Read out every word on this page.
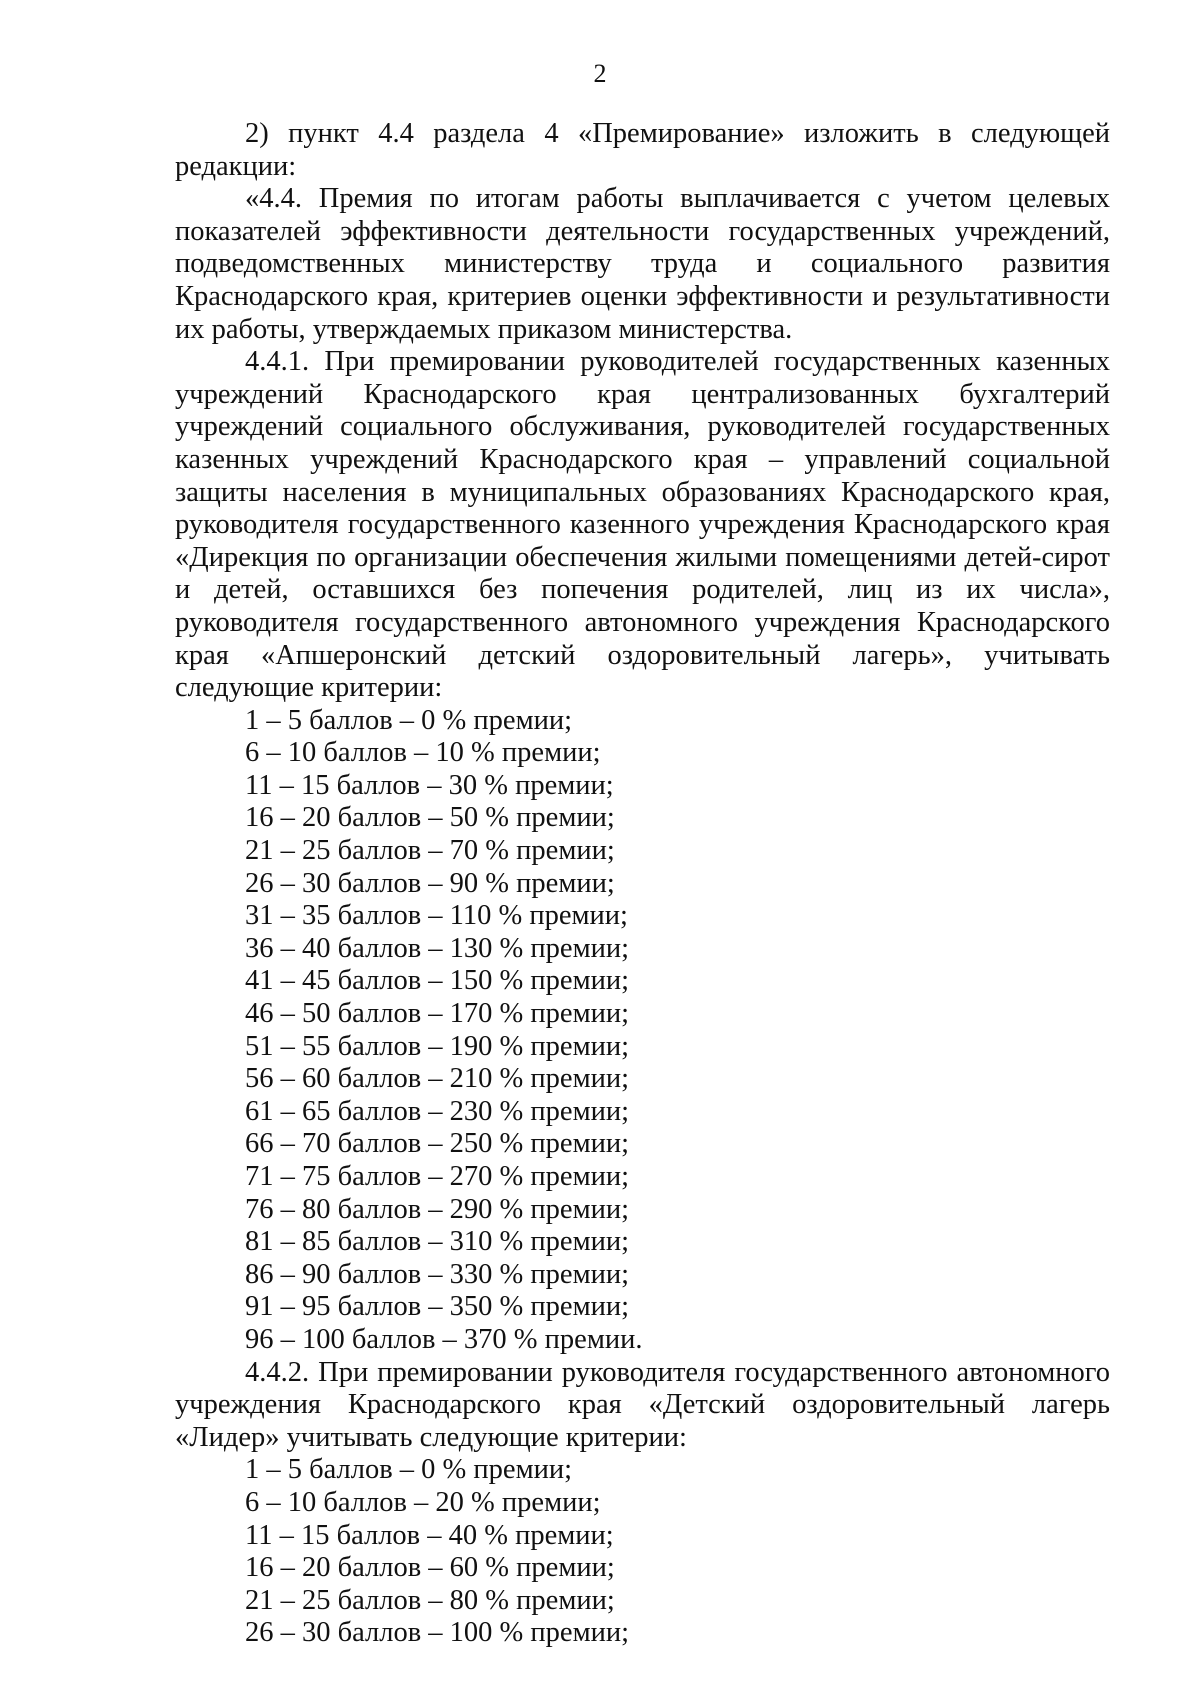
2

2) пункт 4.4 раздела 4 «Премирование» изложить в следующей редакции:

«4.4. Премия по итогам работы выплачивается с учетом целевых показателей эффективности деятельности государственных учреждений, подведомственных министерству труда и социального развития Краснодарского края, критериев оценки эффективности и результативности их работы, утверждаемых приказом министерства.

4.4.1. При премировании руководителей государственных казенных учреждений Краснодарского края централизованных бухгалтерий учреждений социального обслуживания, руководителей государственных казенных учреждений Краснодарского края – управлений социальной защиты населения в муниципальных образованиях Краснодарского края, руководителя государственного казенного учреждения Краснодарского края «Дирекция по организации обеспечения жилыми помещениями детей-сирот и детей, оставшихся без попечения родителей, лиц из их числа», руководителя государственного автономного учреждения Краснодарского края «Апшеронский детский оздоровительный лагерь», учитывать следующие критерии:

1 – 5 баллов – 0 % премии;
6 – 10 баллов – 10 % премии;
11 – 15 баллов – 30 % премии;
16 – 20 баллов – 50 % премии;
21 – 25 баллов – 70 % премии;
26 – 30 баллов – 90 % премии;
31 – 35 баллов – 110 % премии;
36 – 40 баллов – 130 % премии;
41 – 45 баллов – 150 % премии;
46 – 50 баллов – 170 % премии;
51 – 55 баллов – 190 % премии;
56 – 60 баллов – 210 % премии;
61 – 65 баллов – 230 % премии;
66 – 70 баллов – 250 % премии;
71 – 75 баллов – 270 % премии;
76 – 80 баллов – 290 % премии;
81 – 85 баллов – 310 % премии;
86 – 90 баллов – 330 % премии;
91 – 95 баллов – 350 % премии;
96 – 100 баллов – 370 % премии.

4.4.2. При премировании руководителя государственного автономного учреждения Краснодарского края «Детский оздоровительный лагерь «Лидер» учитывать следующие критерии:

1 – 5 баллов – 0 % премии;
6 – 10 баллов – 20 % премии;
11 – 15 баллов – 40 % премии;
16 – 20 баллов – 60 % премии;
21 – 25 баллов – 80 % премии;
26 – 30 баллов – 100 % премии;
